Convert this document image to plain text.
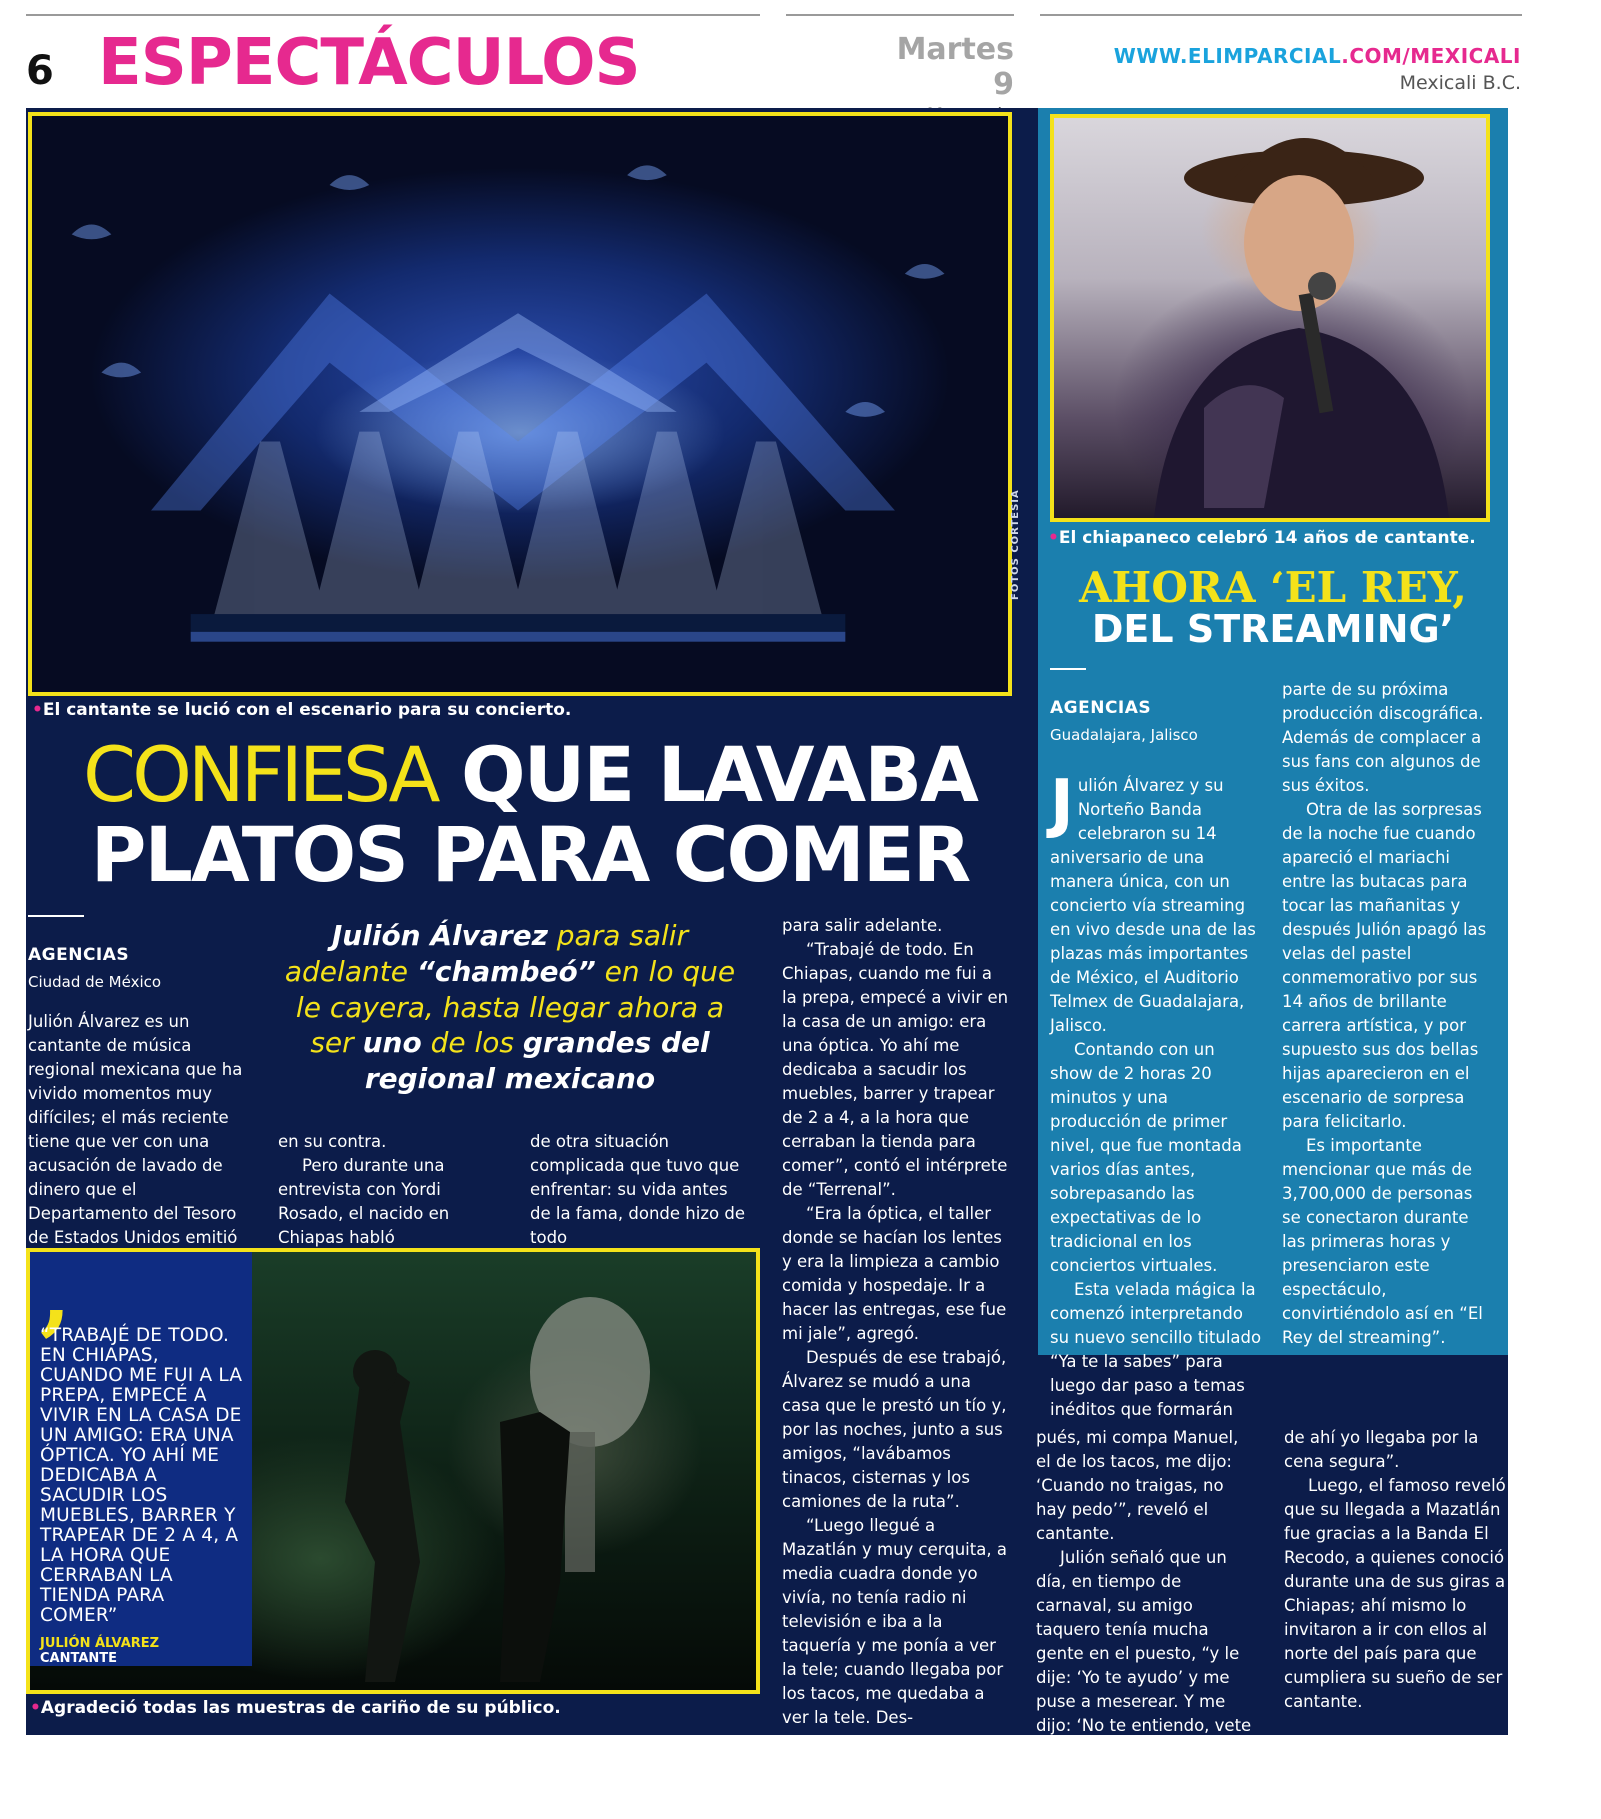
6 ESPECTÁCULOS	Martes 9
WWW.ELIMPARCIAL.COM/MEXICALI
Mexicali B.C.
•El cantante se lució con el escenario para su concierto.
FOTOS CORTESIA
CONFIESA QUE LAVABA
PLATOS PARA COMER
AGENCIAS
Ciudad de México
Julión Álvarez para salir adelante “chambeó” en lo que le cayera, hasta llegar ahora a ser uno de los grandes del regional mexicano

Julión Álvarez es un cantante de música regional mexicana que ha vivido momentos muy difíciles; el más reciente tiene que ver con una acusación de lavado de dinero que el Departamento del Tesoro de Estados Unidos emitió

en su contra.

Pero durante una entrevista con Yordi Rosado, el nacido en Chiapas habló

de otra situación complicada que tuvo que enfrentar: su vida antes de la fama, donde hizo de todo

para salir adelante.

“Trabajé de todo. En Chiapas, cuando me fui a la prepa, empecé a vivir en la casa de un amigo: era una óptica. Yo ahí me dedicaba a sacudir los muebles, barrer y trapear de 2 a 4, a la hora que cerraban la tienda para comer”, contó el intérprete de “Terrenal”.

“Era la óptica, el taller donde se hacían los lentes y era la limpieza a cambio comida y hospedaje. Ir a hacer las entregas, ese fue mi jale”, agregó.

Después de ese trabajó, Álvarez se mudó a una casa que le prestó un tío y, por las noches, junto a sus amigos, “lavábamos tinacos, cisternas y los camiones de la ruta”.

“Luego llegué a Mazatlán y muy cerquita, a media cuadra donde yo vivía, no tenía radio ni televisión e iba a la taquería y me ponía a ver la tele; cuando llegaba por los tacos, me quedaba a ver la tele. Des-

,
“TRABAJÉ DE TODO. EN CHIAPAS, CUANDO ME FUI A LA PREPA, EMPECÉ A VIVIR EN LA CASA DE UN AMIGO: ERA UNA ÓPTICA. YO AHÍ ME DEDICABA A SACUDIR LOS MUEBLES, BARRER Y TRAPEAR DE 2 A 4, A LA HORA QUE CERRABAN LA TIENDA PARA COMER”
JULIÓN ÁLVAREZ
CANTANTE
•Agradeció todas las muestras de cariño de su público.
•El chiapaneco celebró 14 años de cantante.
AHORA ‘EL REY,
DEL STREAMING’
AGENCIAS
Guadalajara, Jalisco

Julión Álvarez y su Norteño Banda celebraron su 14 aniversario de una manera única, con un concierto vía streaming en vivo desde una de las plazas más importantes de México, el Auditorio Telmex de Guadalajara, Jalisco.

Contando con un show de 2 horas 20 minutos y una producción de primer nivel, que fue montada varios días antes, sobrepasando las expectativas de lo tradicional en los conciertos virtuales.

Esta velada mágica la comenzó interpretando su nuevo sencillo titulado “Ya te la sabes” para luego dar paso a temas inéditos que formarán

parte de su próxima producción discográfica. Además de complacer a sus fans con algunos de sus éxitos.

Otra de las sorpresas de la noche fue cuando apareció el mariachi entre las butacas para tocar las mañanitas y después Julión apagó las velas del pastel conmemorativo por sus 14 años de brillante carrera artística, y por supuesto sus dos bellas hijas aparecieron en el escenario de sorpresa para felicitarlo.

Es importante mencionar que más de 3,700,000 de personas se conectaron durante las primeras horas y presenciaron este espectáculo, convirtiéndolo así en “El Rey del streaming”.

pués, mi compa Manuel, el de los tacos, me dijo: ‘Cuando no traigas, no hay pedo’”, reveló el cantante.

Julión señaló que un día, en tiempo de carnaval, su amigo taquero tenía mucha gente en el puesto, “y le dije: ‘Yo te ayudo’ y me puse a meserear. Y me dijo: ‘No te entiendo, vete a lavar trastes’. Y a partir

de ahí yo llegaba por la cena segura”.

Luego, el famoso reveló que su llegada a Mazatlán fue gracias a la Banda El Recodo, a quienes conoció durante una de sus giras a Chiapas; ahí mismo lo invitaron a ir con ellos al norte del país para que cumpliera su sueño de ser cantante.
